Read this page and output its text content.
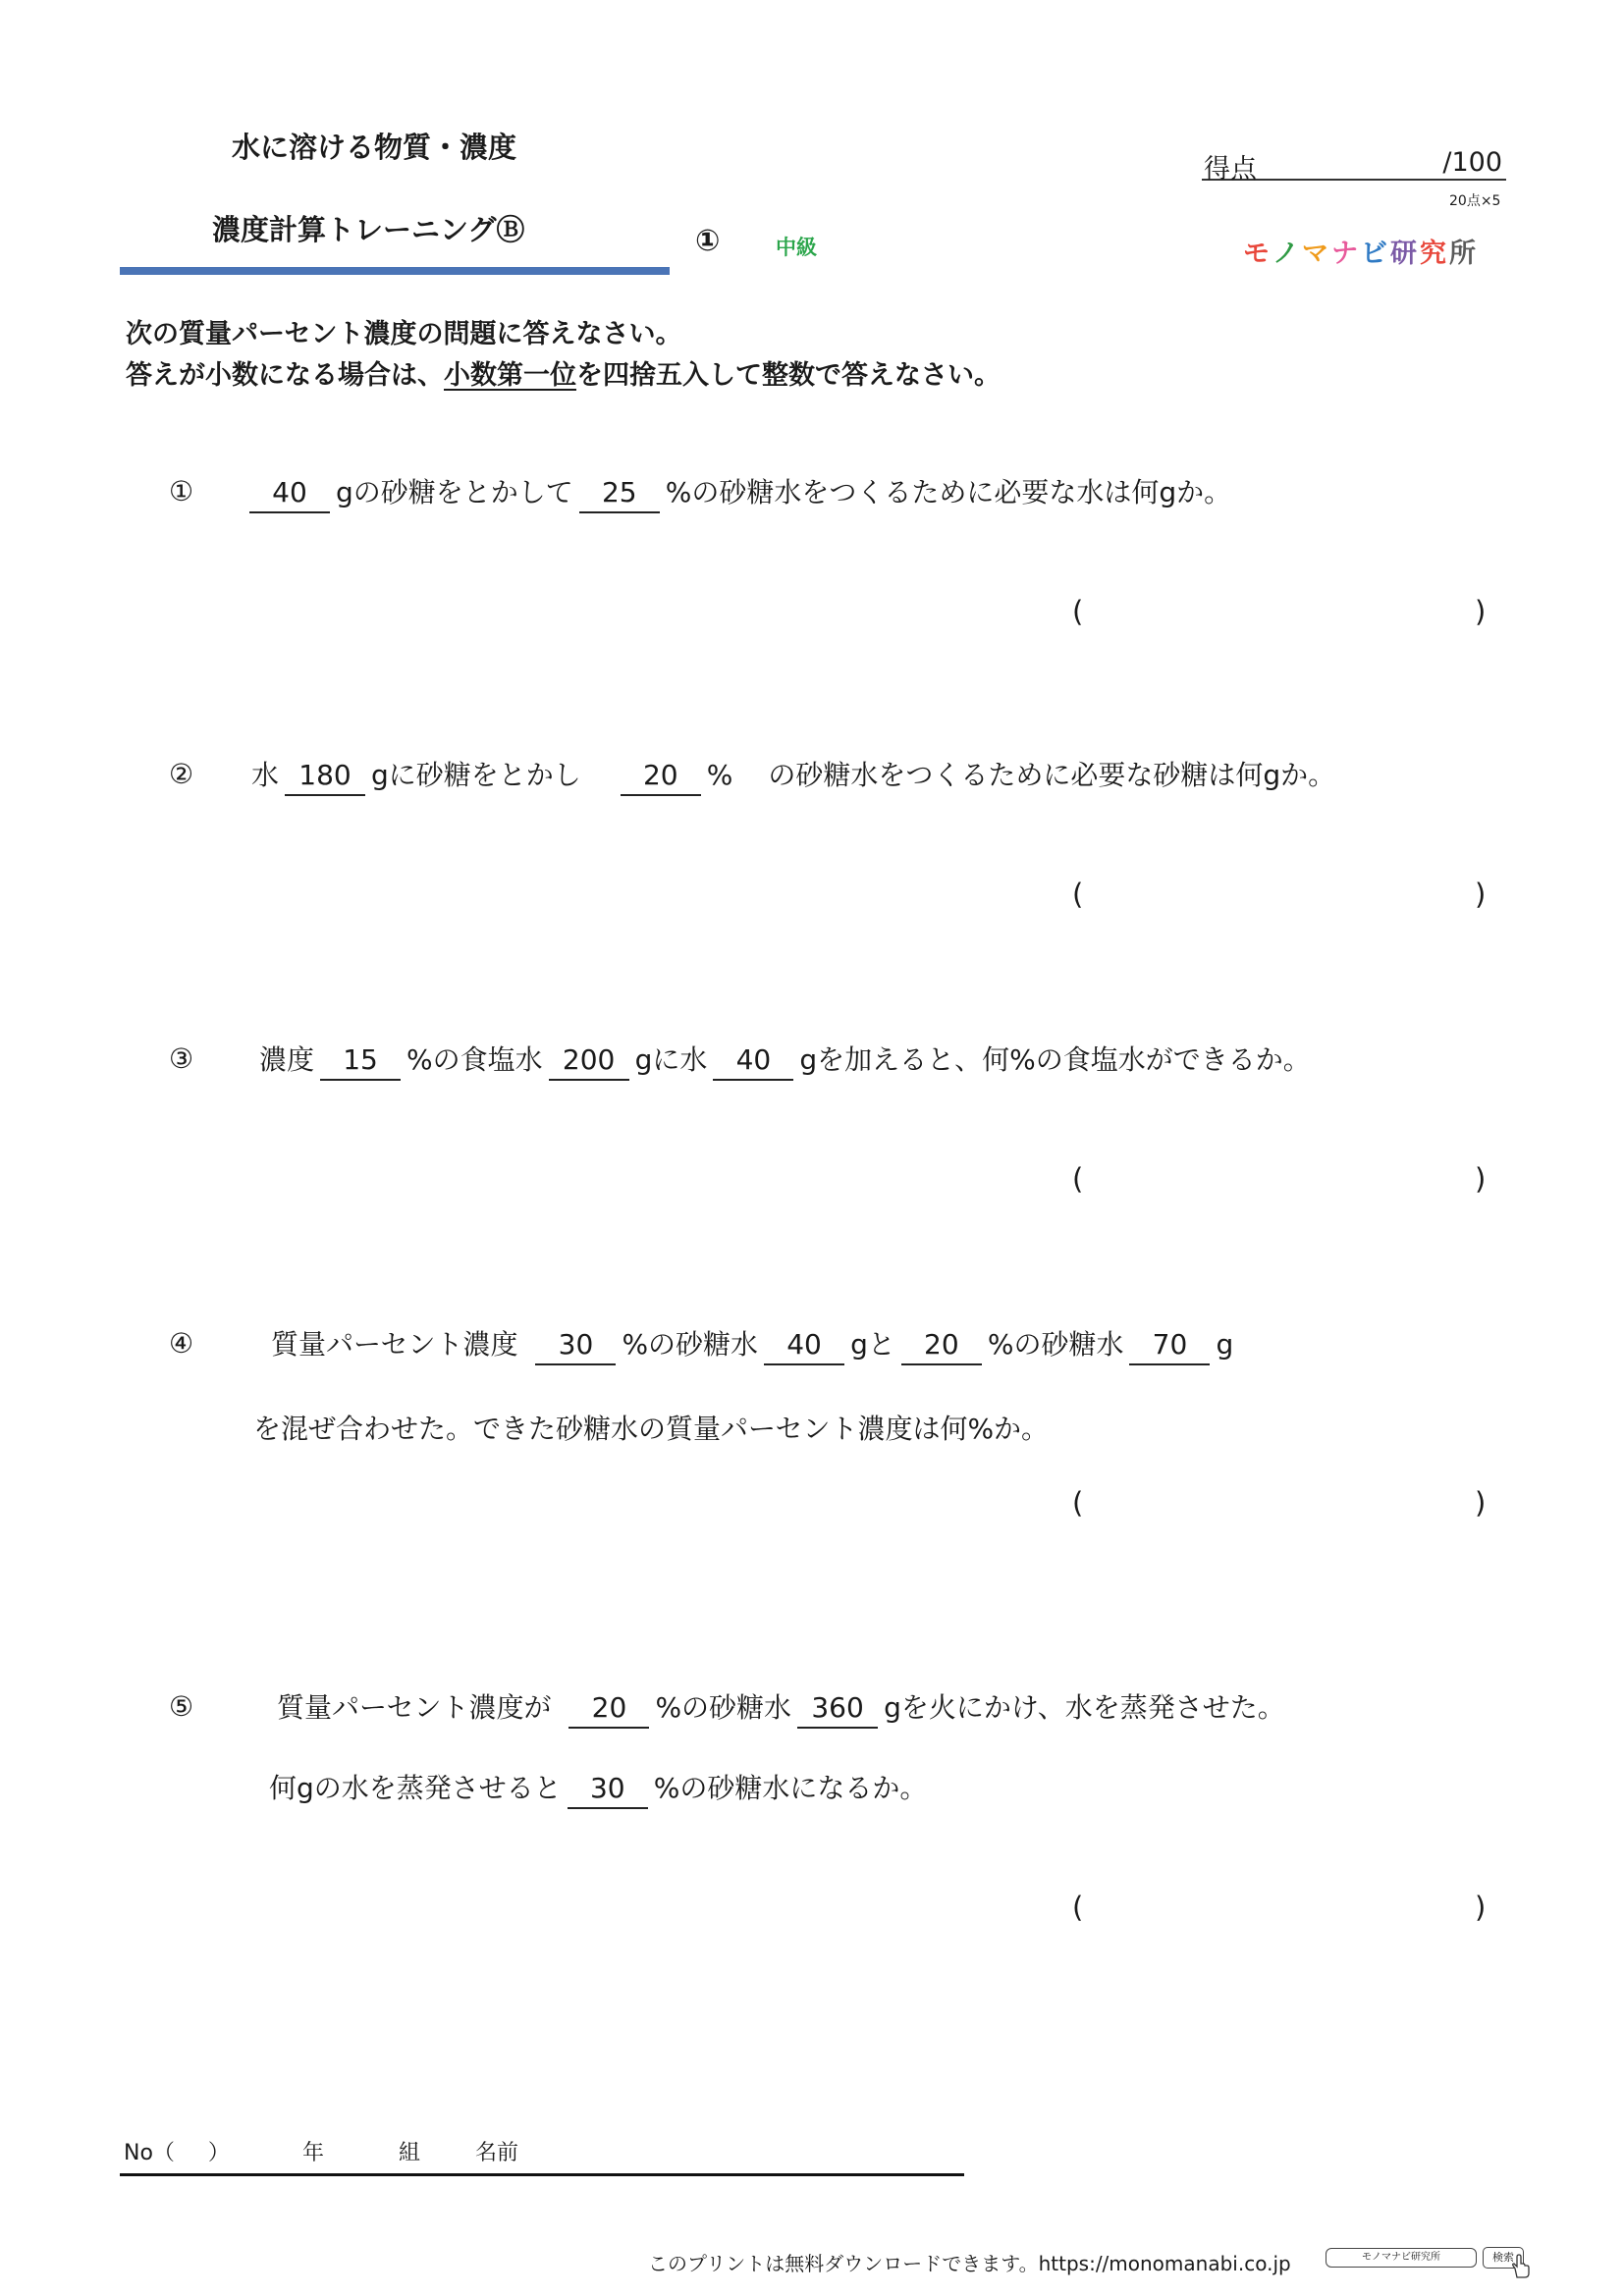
水に溶ける物質・濃度
濃度計算トレーニングⒷ	①	中級
得点	/100
20点×5
モノマナビ研究所
次の質量パーセント濃度の問題に答えなさい。
答えが小数になる場合は、小数第一位を四捨五入して整数で答えなさい。
①	40 gの砂糖をとかして 25 %の砂糖水をつくるために必要な水は何gか。
(	)
② 水 180 gに砂糖をとかし 20 % の砂糖水をつくるために必要な砂糖は何gか。
(	)
③ 濃度 15 %の食塩水 200 gに水 40 gを加えると、何%の食塩水ができるか。
(	)
④	質量パーセント濃度 30 %の砂糖水 40 gと 20 %の砂糖水 70 g
を混ぜ合わせた。できた砂糖水の質量パーセント濃度は何%か。
(	)
⑤	質量パーセント濃度が 20 %の砂糖水 360 gを火にかけ、水を蒸発させた。
何gの水を蒸発させると 30 %の砂糖水になるか。
(	)
No（ ）	年	組	名前
このプリントは無料ダウンロードできます。https://monomanabi.co.jp	モノマナビ研究所	検索
